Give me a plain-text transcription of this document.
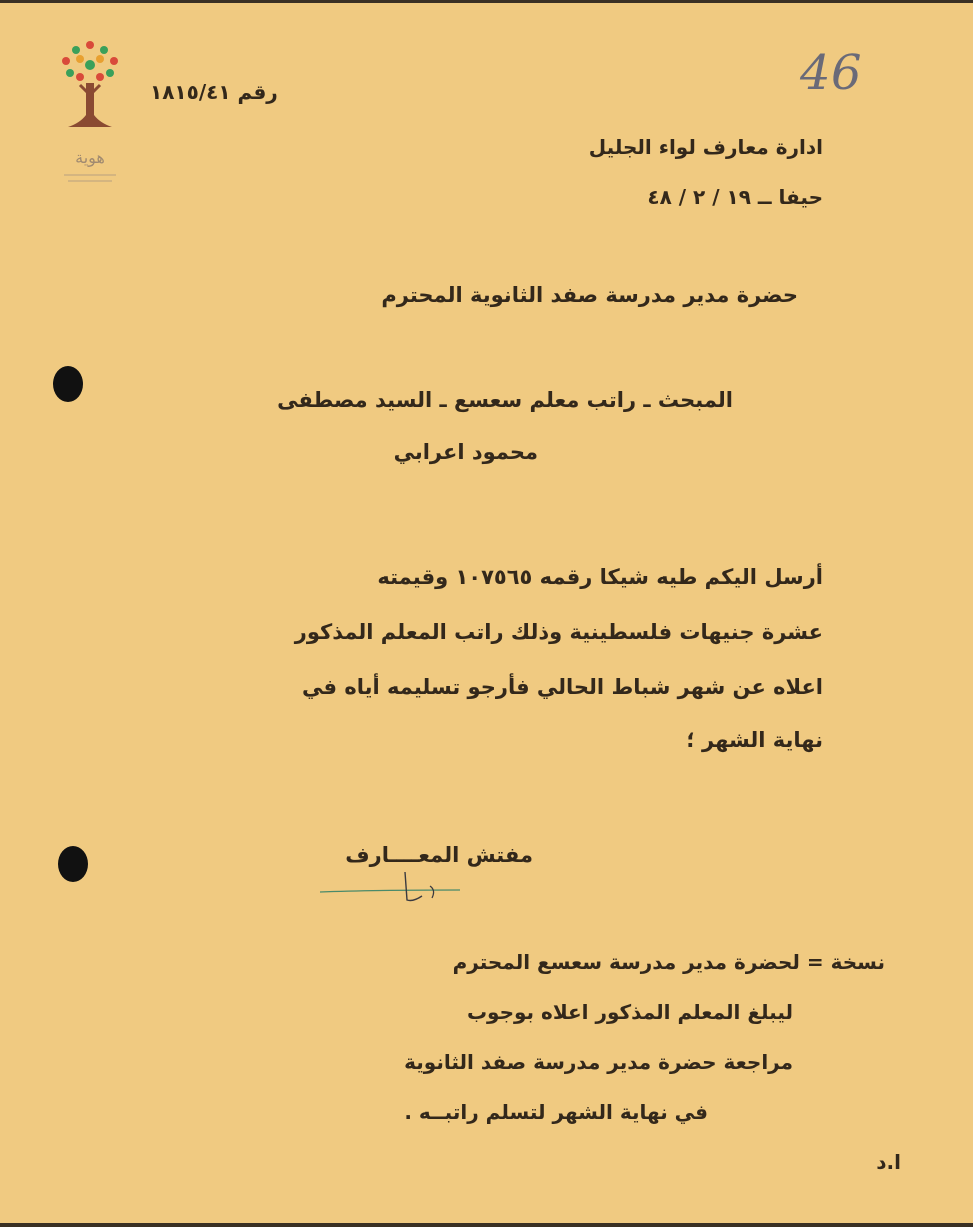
هوية
46
رقم ١٨١٥/٤١
ادارة معارف لواء الجليل
حيفا ــ ١٩ / ٢ / ٤٨
حضرة مدير مدرسة صفد الثانوية المحترم
المبحث ـ راتب معلم سعسع ـ السيد مصطفى
محمود اعرابي
أرسل اليكم طيه شيكا رقمه ١٠٧٥٦٥ وقيمته
عشرة جنيهات فلسطينية وذلك راتب المعلم المذكور
اعلاه عن شهر شباط الحالي فأرجو تسليمه أياه في
نهاية الشهر ؛
مفتش المعــــارف
نسخة = لحضرة مدير مدرسة سعسع المحترم
ليبلغ المعلم المذكور اعلاه بوجوب
مراجعة حضرة مدير مدرسة صفد الثانوية
في نهاية الشهر لتسلم راتبــه .
ا.د
